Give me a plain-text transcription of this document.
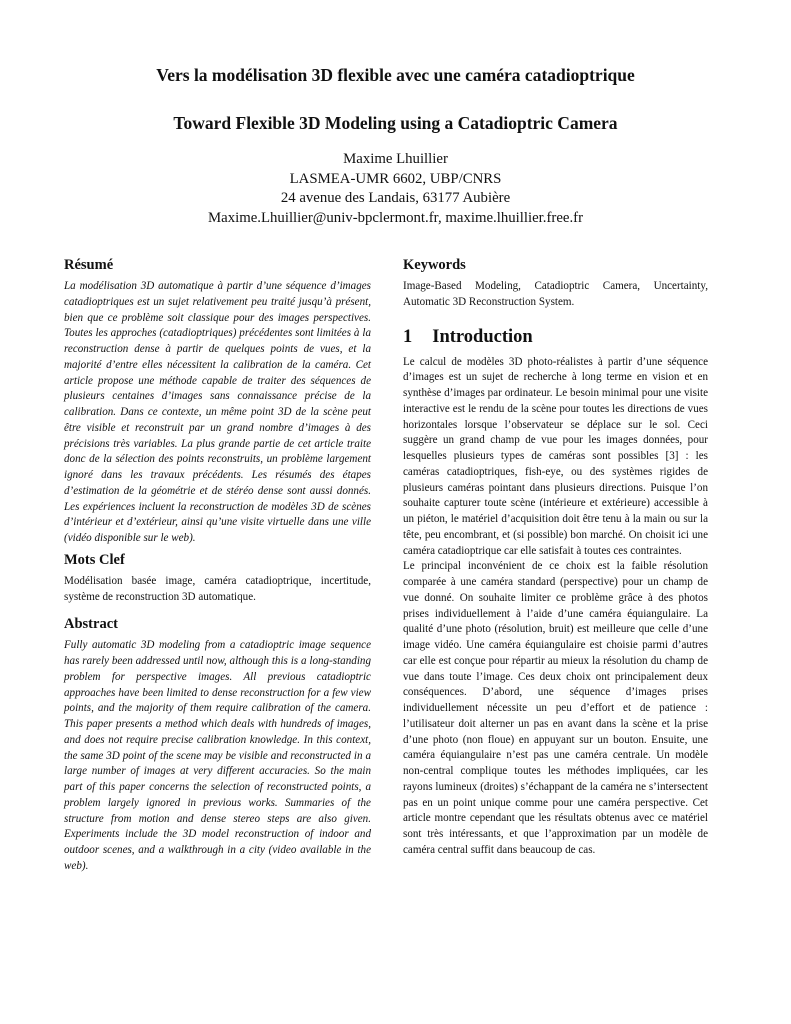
Vers la modélisation 3D flexible avec une caméra catadioptrique
Toward Flexible 3D Modeling using a Catadioptric Camera
Maxime Lhuillier
LASMEA-UMR 6602, UBP/CNRS
24 avenue des Landais, 63177 Aubière
Maxime.Lhuillier@univ-bpclermont.fr, maxime.lhuillier.free.fr
Résumé

La modélisation 3D automatique à partir d’une séquence d’images catadioptriques est un sujet relativement peu traité jusqu’à présent, bien que ce problème soit classique pour des images perspectives. Toutes les approches (catadioptriques) précédentes sont limitées à la reconstruction dense à partir de quelques points de vues, et la majorité d’entre elles nécessitent la calibration de la caméra. Cet article propose une méthode capable de traiter des séquences de plusieurs centaines d’images sans connaissance précise de la calibration. Dans ce contexte, un même point 3D de la scène peut être visible et reconstruit par un grand nombre d’images à des précisions très variables. La plus grande partie de cet article traite donc de la sélection des points reconstruits, un problème largement ignoré dans les travaux précédents. Les résumés des étapes d’estimation de la géométrie et de stéréo dense sont aussi donnés. Les expériences incluent la reconstruction de modèles 3D de scènes d’intérieur et d’extérieur, ainsi qu’une visite virtuelle dans une ville (vidéo disponible sur le web).

Mots Clef

Modélisation basée image, caméra catadioptrique, incertitude, système de reconstruction 3D automatique.

Abstract

Fully automatic 3D modeling from a catadioptric image sequence has rarely been addressed until now, although this is a long-standing problem for perspective images. All previous catadioptric approaches have been limited to dense reconstruction for a few view points, and the majority of them require calibration of the camera. This paper presents a method which deals with hundreds of images, and does not require precise calibration knowledge. In this context, the same 3D point of the scene may be visible and reconstructed in a large number of images at very different accuracies. So the main part of this paper concerns the selection of reconstructed points, a problem largely ignored in previous works. Summaries of the structure from motion and dense stereo steps are also given. Experiments include the 3D model reconstruction of indoor and outdoor scenes, and a walkthrough in a city (video available in the web).

Keywords

Image-Based Modeling, Catadioptric Camera, Uncertainty, Automatic 3D Reconstruction System.

1 Introduction

Le calcul de modèles 3D photo-réalistes à partir d’une séquence d’images est un sujet de recherche à long terme en vision et en synthèse d’images par ordinateur. Le besoin minimal pour une visite interactive est le rendu de la scène pour toutes les directions de vues horizontales lorsque l’observateur se déplace sur le sol. Ceci suggère un grand champ de vue pour les images données, pour lesquelles plusieurs types de caméras sont possibles [3] : les caméras catadioptriques, fish-eye, ou des systèmes rigides de plusieurs caméras pointant dans plusieurs directions. Puisque l’on souhaite capturer toute scène (intérieure et extérieure) accessible à un piéton, le matériel d’acquisition doit être tenu à la main ou sur la tête, peu encombrant, et (si possible) bon marché. On choisit ici une caméra catadioptrique car elle satisfait à toutes ces contraintes.

Le principal inconvénient de ce choix est la faible résolution comparée à une caméra standard (perspective) pour un champ de vue donné. On souhaite limiter ce problème grâce à des photos prises individuellement à l’aide d’une caméra équiangulaire. La qualité d’une photo (résolution, bruit) est meilleure que celle d’une image vidéo. Une caméra équiangulaire est choisie parmi d’autres car elle est conçue pour répartir au mieux la résolution du champ de vue dans toute l’image. Ces deux choix ont principalement deux conséquences. D’abord, une séquence d’images prises individuellement nécessite un peu d’effort et de patience : l’utilisateur doit alterner un pas en avant dans la scène et la prise d’une photo (non floue) en appuyant sur un bouton. Ensuite, une caméra équiangulaire n’est pas une caméra centrale. Un modèle non-central complique toutes les méthodes impliquées, car les rayons lumineux (droites) s’échappant de la caméra ne s’intersectent pas en un point unique comme pour une caméra perspective. Cet article montre cependant que les résultats obtenus avec ce matériel sont très intéressants, et que l’approximation par un modèle de caméra central suffit dans beaucoup de cas.
